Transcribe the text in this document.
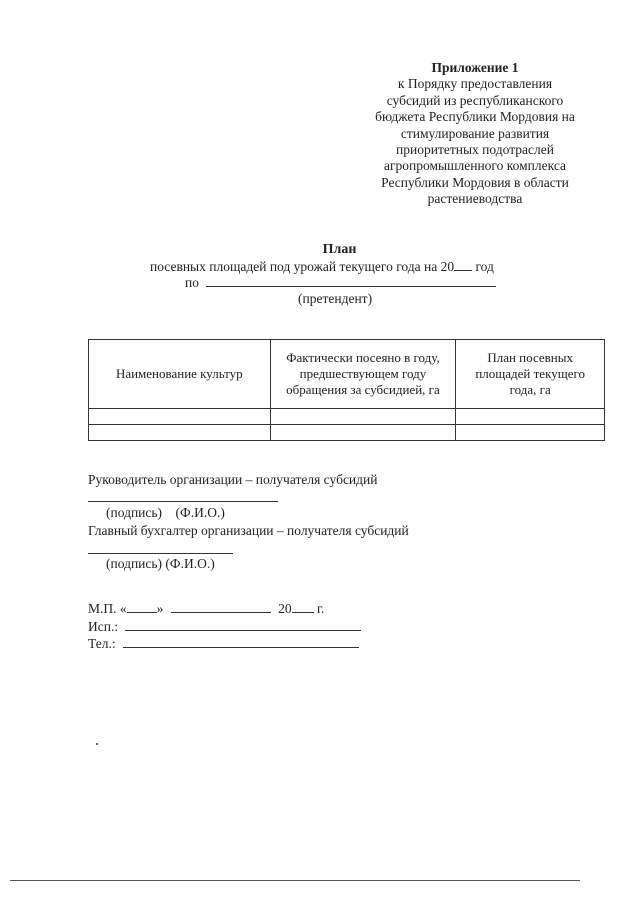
Приложение 1
к Порядку предоставления
субсидий из республиканского
бюджета Республики Мордовия на
стимулирование развития
приоритетных подотраслей
агропромышленного комплекса
Республики Мордовия в области
растениеводства
План
посевных площадей под урожай текущего года на 20 год
по
(претендент)
Наименование культур	Фактически посеяно в году, предшествующем году обращения за субсидией, га	План посевных площадей текущего года, га

Руководитель организации – получателя субсидий
(подпись)    (Ф.И.О.)
Главный бухгалтер организации – получателя субсидий
(подпись) (Ф.И.О.)
М.П. « »	20 г.
Исп.:
Тел.:
